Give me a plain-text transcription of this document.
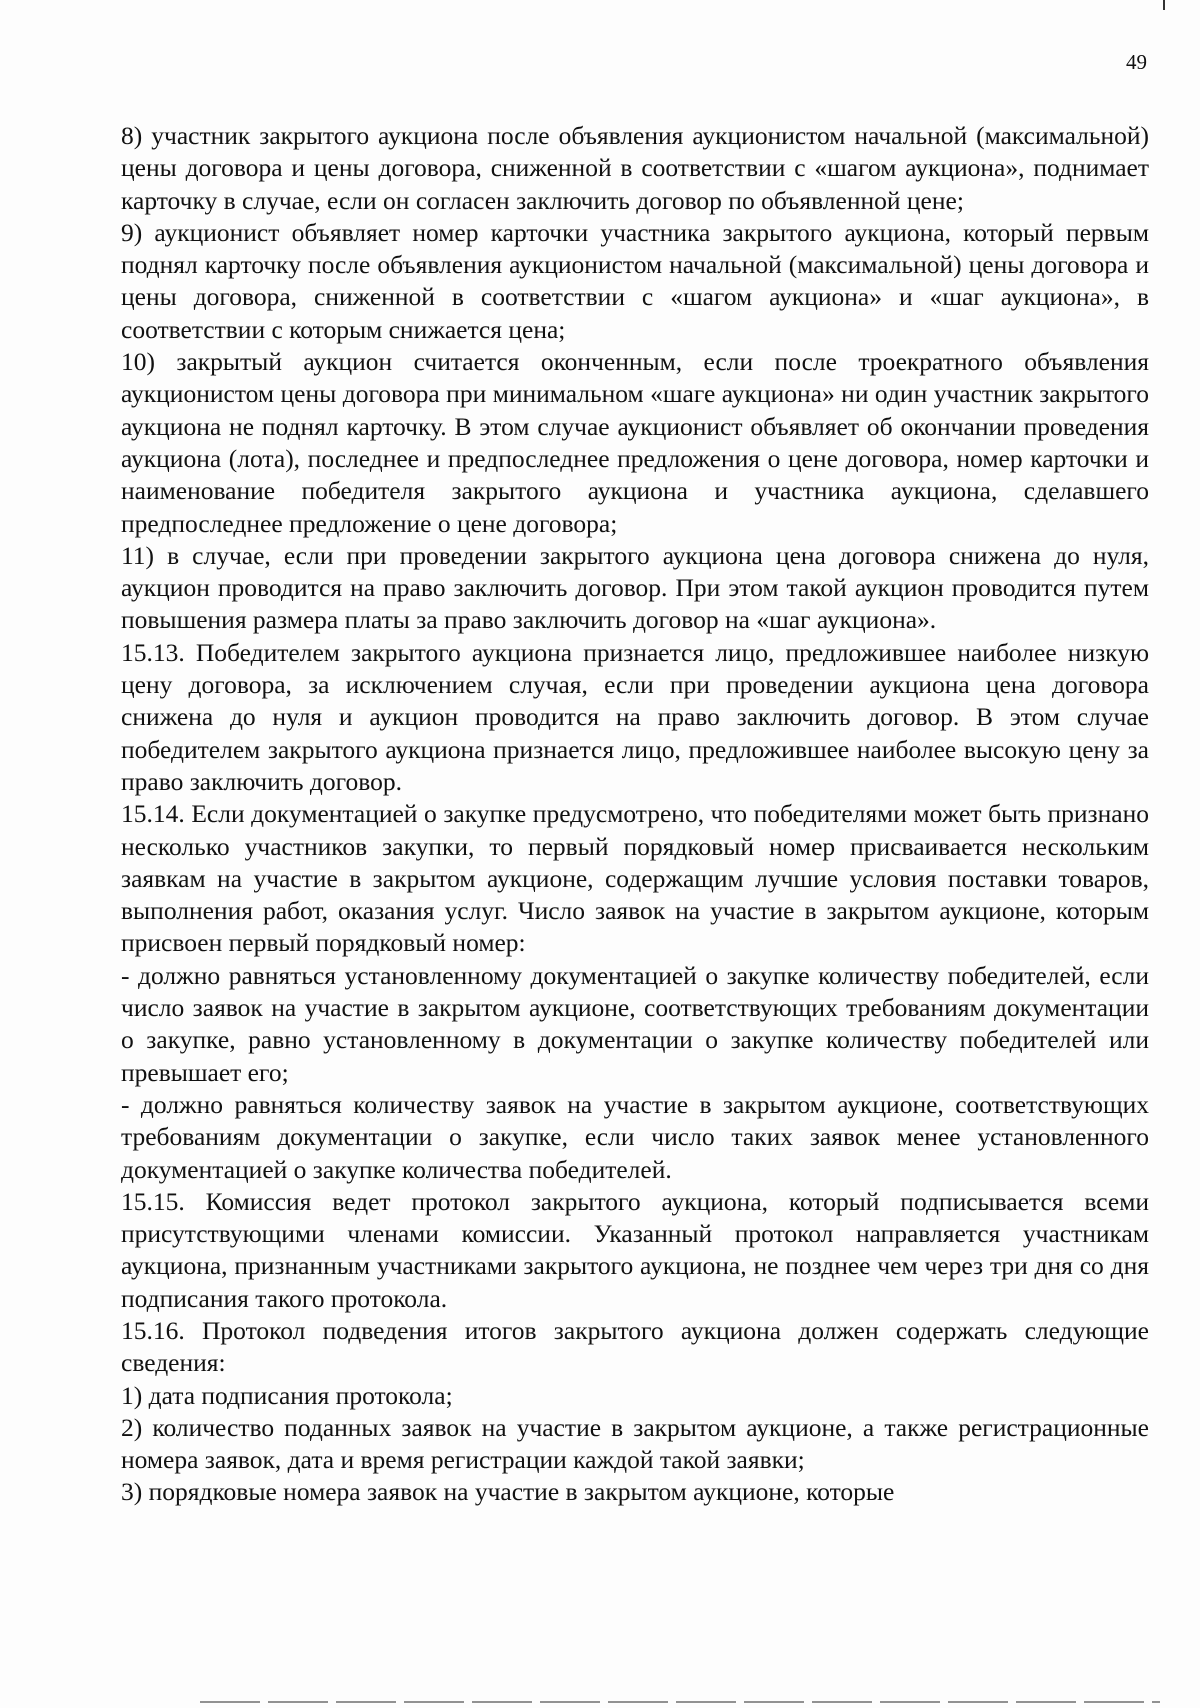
49

8) участник закрытого аукциона после объявления аукционистом начальной (максимальной) цены договора и цены договора, сниженной в соответствии с «шагом аукциона», поднимает карточку в случае, если он согласен заключить договор по объявленной цене;

9) аукционист объявляет номер карточки участника закрытого аукциона, который первым поднял карточку после объявления аукционистом начальной (максимальной) цены договора и цены договора, сниженной в соответствии с «шагом аукциона» и «шаг аукциона», в соответствии с которым снижается цена;

10) закрытый аукцион считается оконченным, если после троекратного объявления аукционистом цены договора при минимальном «шаге аукциона» ни один участник закрытого аукциона не поднял карточку. В этом случае аукционист объявляет об окончании проведения аукциона (лота), последнее и предпоследнее предложения о цене договора, номер карточки и наименование победителя закрытого аукциона и участника аукциона, сделавшего предпоследнее предложение о цене договора;

11) в случае, если при проведении закрытого аукциона цена договора снижена до нуля, аукцион проводится на право заключить договор. При этом такой аукцион проводится путем повышения размера платы за право заключить договор на «шаг аукциона».

15.13. Победителем закрытого аукциона признается лицо, предложившее наиболее низкую цену договора, за исключением случая, если при проведении аукциона цена договора снижена до нуля и аукцион проводится на право заключить договор. В этом случае победителем закрытого аукциона признается лицо, предложившее наиболее высокую цену за право заключить договор.

15.14. Если документацией о закупке предусмотрено, что победителями может быть признано несколько участников закупки, то первый порядковый номер присваивается нескольким заявкам на участие в закрытом аукционе, содержащим лучшие условия поставки товаров, выполнения работ, оказания услуг. Число заявок на участие в закрытом аукционе, которым присвоен первый порядковый номер:

- должно равняться установленному документацией о закупке количеству победителей, если число заявок на участие в закрытом аукционе, соответствующих требованиям документации о закупке, равно установленному в документации о закупке количеству победителей или превышает его;

- должно равняться количеству заявок на участие в закрытом аукционе, соответствующих требованиям документации о закупке, если число таких заявок менее установленного документацией о закупке количества победителей.

15.15. Комиссия ведет протокол закрытого аукциона, который подписывается всеми присутствующими членами комиссии. Указанный протокол направляется участникам аукциона, признанным участниками закрытого аукциона, не позднее чем через три дня со дня подписания такого протокола.

15.16. Протокол подведения итогов закрытого аукциона должен содержать следующие сведения:

1) дата подписания протокола;

2) количество поданных заявок на участие в закрытом аукционе, а также регистрационные номера заявок, дата и время регистрации каждой такой заявки;

3) порядковые номера заявок на участие в закрытом аукционе, которые
